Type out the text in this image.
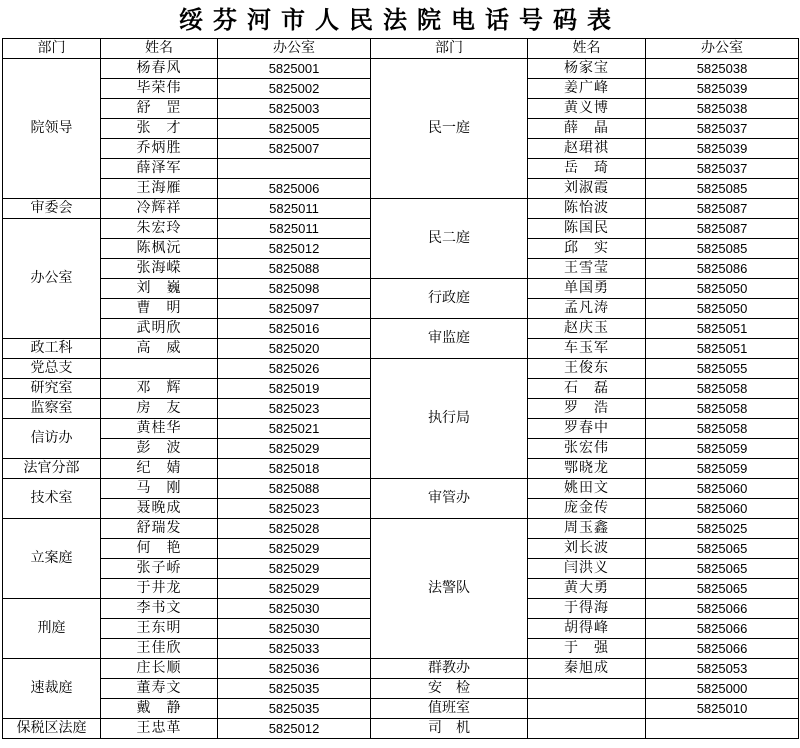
绥芬河市人民法院电话号码表
部门	姓名	办公室	部门	姓名	办公室
院领导	杨春风	5825001	民一庭	杨家宝	5825038
	毕荣伟	5825002		姜广峰	5825039
	舒　罡	5825003		黄义博	5825038
	张　才	5825005		薛　晶	5825037
	乔炳胜	5825007		赵珺祺	5825039
	薛泽军			岳　琦	5825037
	王海雁	5825006		刘淑霞	5825085
审委会	冷辉祥	5825011	民二庭	陈怡波	5825087
办公室	朱宏玲	5825011		陈国民	5825087
	陈枫沅	5825012		邱　实	5825085
	张海嵘	5825088		王雪莹	5825086
	刘　巍	5825098	行政庭	单国勇	5825050
	曹　明	5825097		孟凡涛	5825050
	武明欣	5825016	审监庭	赵庆玉	5825051
政工科	高　威	5825020		车玉军	5825051
党总支		5825026	执行局	王俊东	5825055
研究室	邓　辉	5825019		石　磊	5825058
监察室	房　友	5825023		罗　浩	5825058
信访办	黄桂华	5825021		罗春中	5825058
	彭　波	5825029		张宏伟	5825059
法官分部	纪　婧	5825018		鄂晓龙	5825059
技术室	马　刚	5825088	审管办	姚田文	5825060
	聂晚成	5825023		庞金传	5825060
立案庭	舒瑞发	5825028	法警队	周玉鑫	5825025
	何　艳	5825029		刘长波	5825065
	张子峤	5825029		闫洪义	5825065
	于井龙	5825029		黄大勇	5825065
刑庭	李书文	5825030		于得海	5825066
	王东明	5825030		胡得峰	5825066
	王佳欣	5825033		于　强	5825066
速裁庭	庄长顺	5825036	群教办	秦旭成	5825053
	董寿文	5825035	安　检		5825000
	戴　静	5825035	值班室		5825010
保税区法庭	王忠革	5825012	司　机		
